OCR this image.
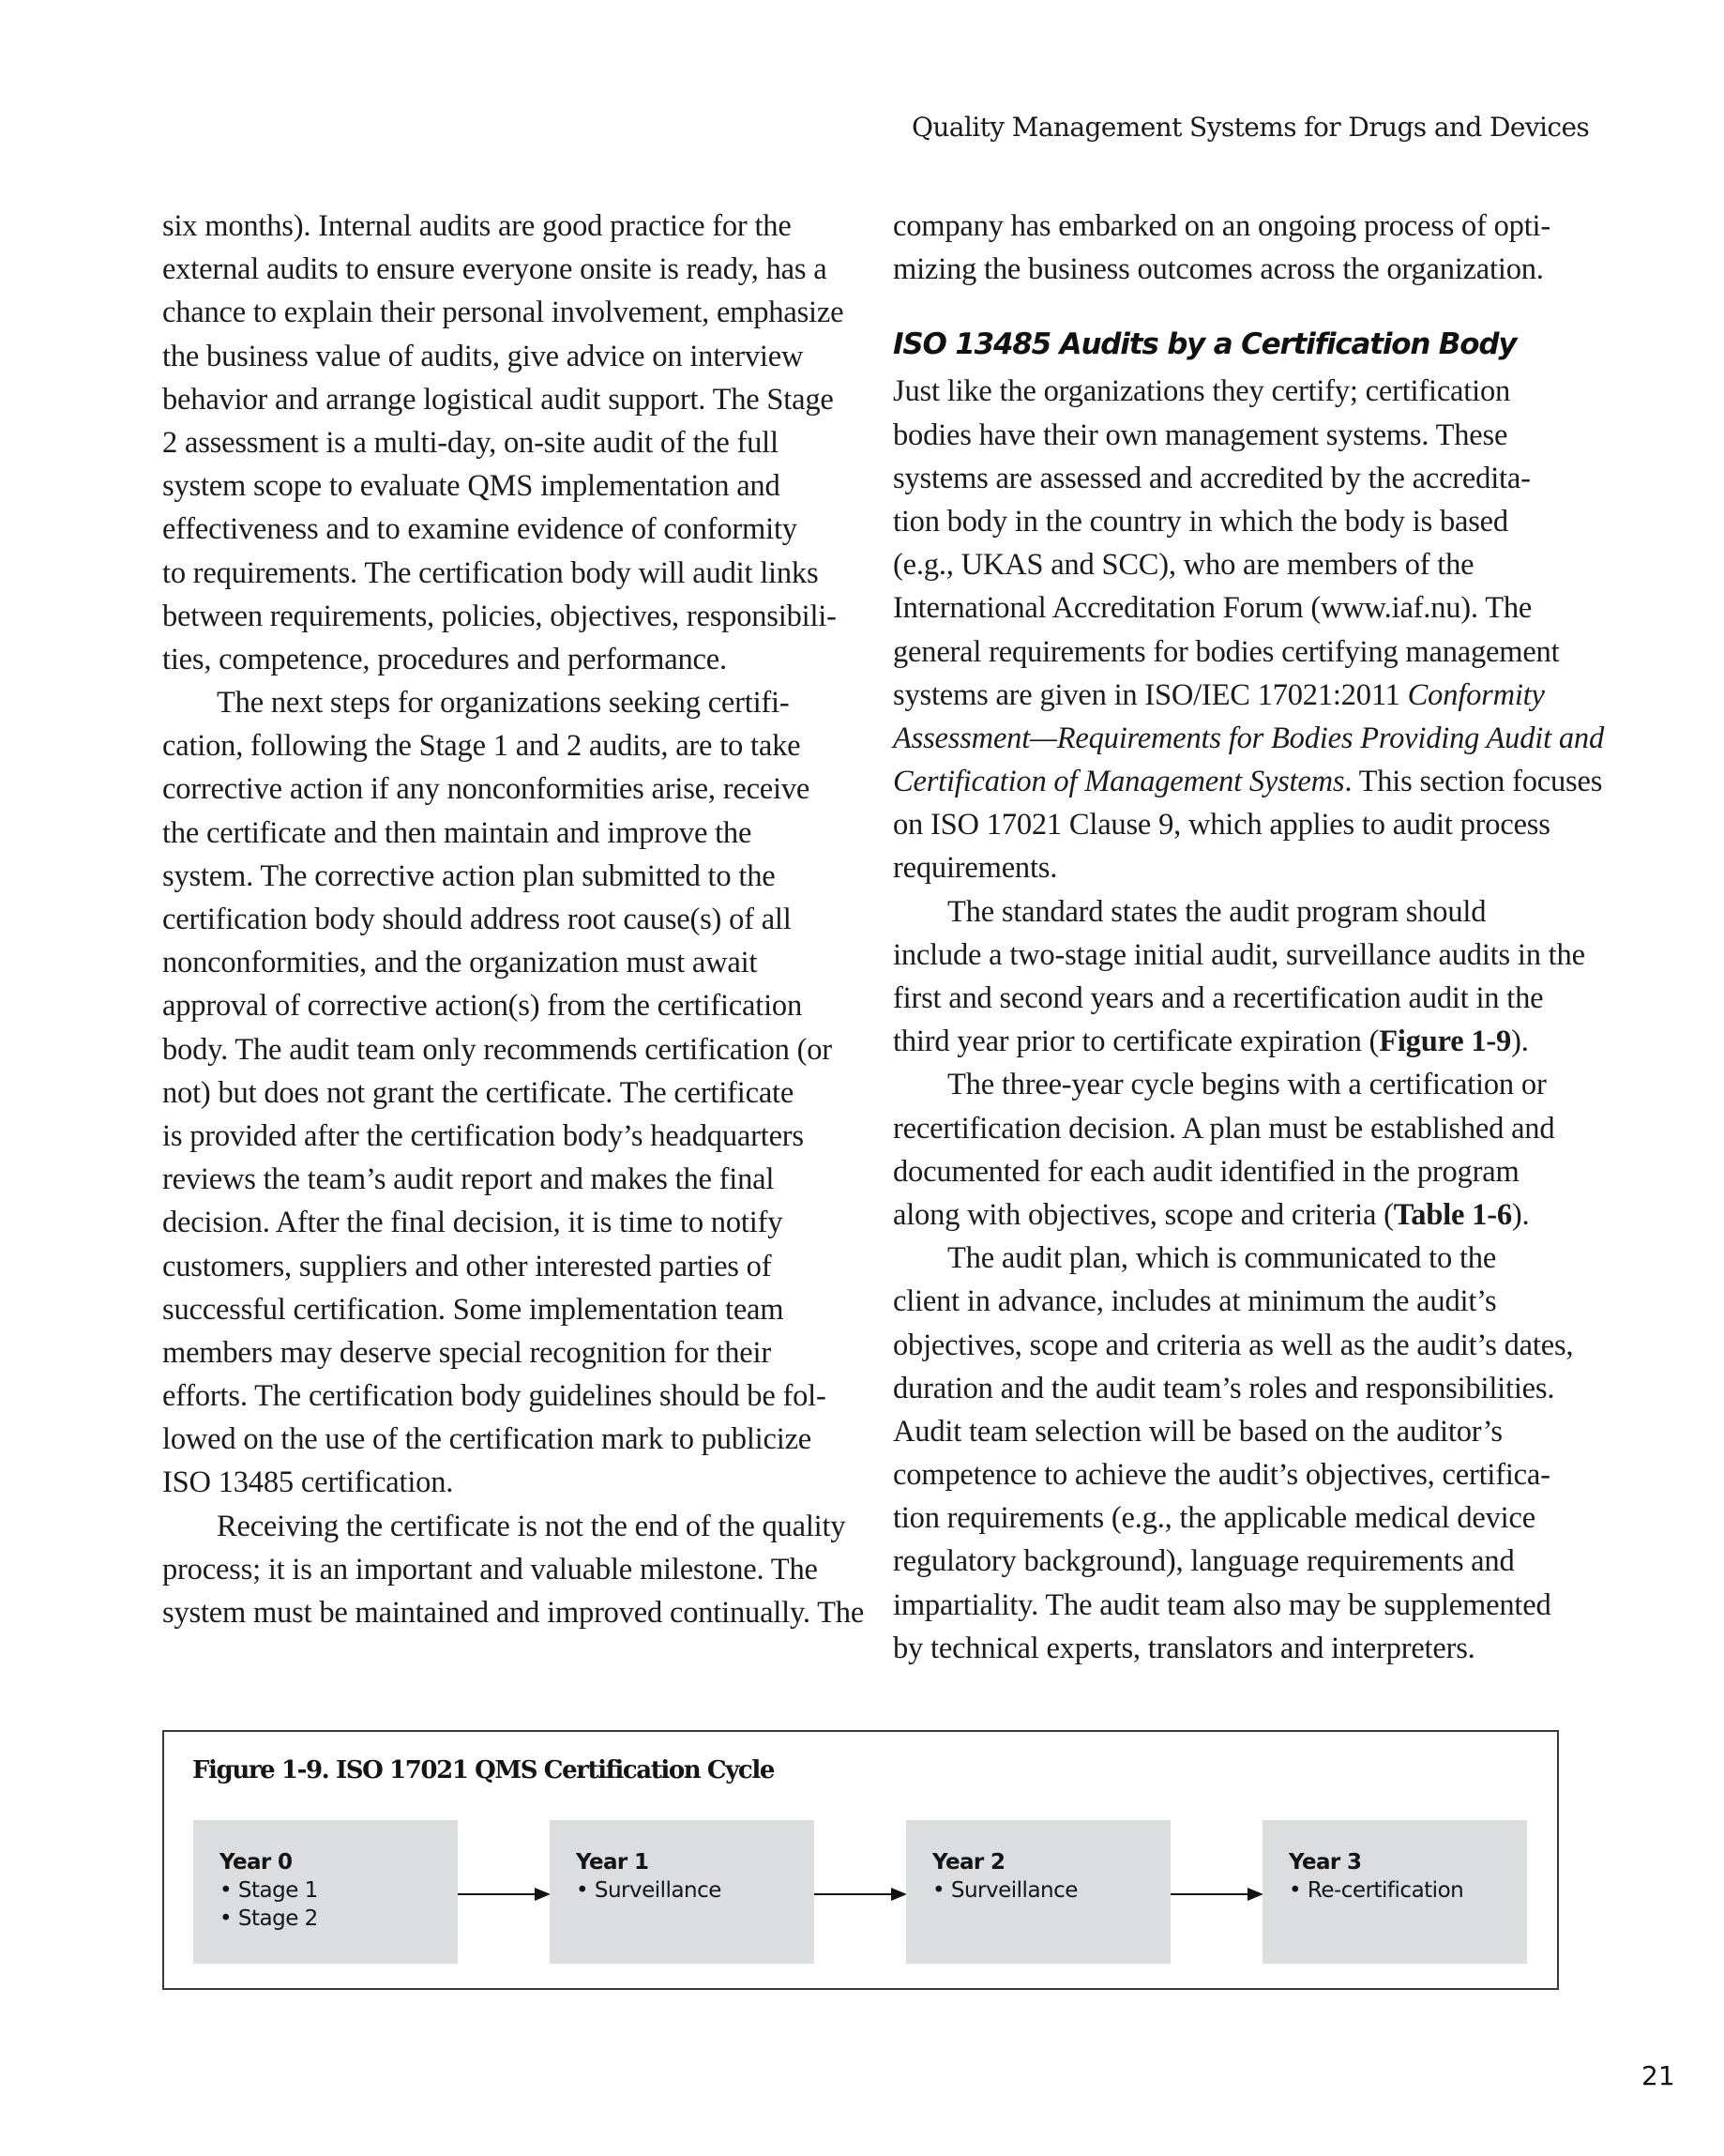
Quality Management Systems for Drugs and Devices
six months). Internal audits are good practice for the
external audits to ensure everyone onsite is ready, has a
chance to explain their personal involvement, emphasize
the business value of audits, give advice on interview
behavior and arrange logistical audit support. The Stage
2 assessment is a multi-day, on-site audit of the full
system scope to evaluate QMS implementation and
effectiveness and to examine evidence of conformity
to requirements. The certification body will audit links
between requirements, policies, objectives, responsibili-
ties, competence, procedures and performance.
The next steps for organizations seeking certifi-
cation, following the Stage 1 and 2 audits, are to take
corrective action if any nonconformities arise, receive
the certificate and then maintain and improve the
system. The corrective action plan submitted to the
certification body should address root cause(s) of all
nonconformities, and the organization must await
approval of corrective action(s) from the certification
body. The audit team only recommends certification (or
not) but does not grant the certificate. The certificate
is provided after the certification body’s headquarters
reviews the team’s audit report and makes the final
decision. After the final decision, it is time to notify
customers, suppliers and other interested parties of
successful certification. Some implementation team
members may deserve special recognition for their
efforts. The certification body guidelines should be fol-
lowed on the use of the certification mark to publicize
ISO 13485 certification.
Receiving the certificate is not the end of the quality
process; it is an important and valuable milestone. The
system must be maintained and improved continually. The
company has embarked on an ongoing process of opti-
mizing the business outcomes across the organization.
ISO 13485 Audits by a Certification Body
Just like the organizations they certify; certification
bodies have their own management systems. These
systems are assessed and accredited by the accredita-
tion body in the country in which the body is based
(e.g., UKAS and SCC), who are members of the
International Accreditation Forum (www.iaf.nu). The
general requirements for bodies certifying management
systems are given in ISO/IEC 17021:2011 Conformity
Assessment—Requirements for Bodies Providing Audit and
Certification of Management Systems. This section focuses
on ISO 17021 Clause 9, which applies to audit process
requirements.
The standard states the audit program should
include a two-stage initial audit, surveillance audits in the
first and second years and a recertification audit in the
third year prior to certificate expiration (Figure 1-9).
The three-year cycle begins with a certification or
recertification decision. A plan must be established and
documented for each audit identified in the program
along with objectives, scope and criteria (Table 1-6).
The audit plan, which is communicated to the
client in advance, includes at minimum the audit’s
objectives, scope and criteria as well as the audit’s dates,
duration and the audit team’s roles and responsibilities.
Audit team selection will be based on the auditor’s
competence to achieve the audit’s objectives, certifica-
tion requirements (e.g., the applicable medical device
regulatory background), language requirements and
impartiality. The audit team also may be supplemented
by technical experts, translators and interpreters.
Figure 1-9. ISO 17021 QMS Certification Cycle
Year 0
• Stage 1
• Stage 2
Year 1
• Surveillance
Year 2
• Surveillance
Year 3
• Re-certification
21
